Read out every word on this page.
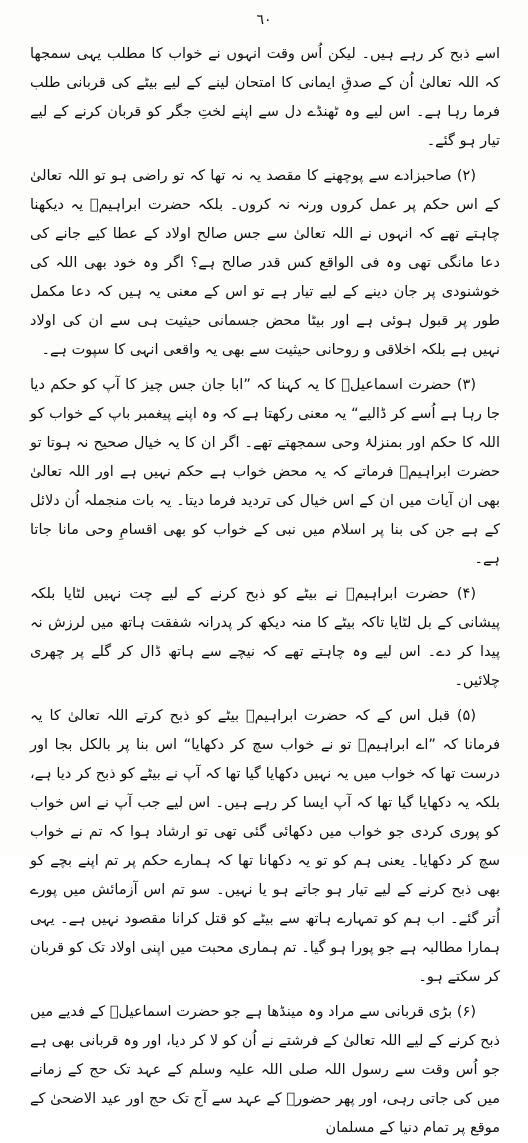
٦٠

اسے ذبح کر رہے ہیں۔ لیکن اُس وقت انہوں نے خواب کا مطلب یہی سمجھا کہ اللہ تعالیٰ اُن کے صدقِ ایمانی کا امتحان لینے کے لیے بیٹے کی قربانی طلب فرما رہا ہے۔ اس لیے وہ ٹھنڈے دل سے اپنے لختِ جگر کو قربان کرنے کے لیے تیار ہو گئے۔

(۲) صاحبزادے سے پوچھنے کا مقصد یہ نہ تھا کہ تو راضی ہو تو اللہ تعالیٰ کے اس حکم پر عمل کروں ورنہ نہ کروں۔ بلکہ حضرت ابراہیمؑ یہ دیکھنا چاہتے تھے کہ انہوں نے اللہ تعالیٰ سے جس صالح اولاد کے عطا کیے جانے کی دعا مانگی تھی وہ فی الواقع کس قدر صالح ہے؟ اگر وہ خود بھی اللہ کی خوشنودی پر جان دینے کے لیے تیار ہے تو اس کے معنی یہ ہیں کہ دعا مکمل طور پر قبول ہوئی ہے اور بیٹا محض جسمانی حیثیت ہی سے ان کی اولاد نہیں ہے بلکہ اخلاقی و روحانی حیثیت سے بھی یہ واقعی انہی کا سپوت ہے۔

(۳) حضرت اسماعیلؑ کا یہ کہنا کہ ”ابا جان جس چیز کا آپ کو حکم دیا جا رہا ہے اُسے کر ڈالیے“ یہ معنی رکھتا ہے کہ وہ اپنے پیغمبر باپ کے خواب کو اللہ کا حکم اور بمنزلۂ وحی سمجھتے تھے۔ اگر ان کا یہ خیال صحیح نہ ہوتا تو حضرت ابراہیمؑ فرماتے کہ یہ محض خواب ہے حکم نہیں ہے اور اللہ تعالیٰ بھی ان آیات میں ان کے اس خیال کی تردید فرما دیتا۔ یہ بات منجملہ اُن دلائل کے ہے جن کی بنا پر اسلام میں نبی کے خواب کو بھی اقسامِ وحی مانا جاتا ہے۔

(۴) حضرت ابراہیمؑ نے بیٹے کو ذبح کرنے کے لیے چت نہیں لٹایا بلکہ پیشانی کے بل لٹایا تاکہ بیٹے کا منہ دیکھ کر پدرانہ شفقت ہاتھ میں لرزش نہ پیدا کر دے۔ اس لیے وہ چاہتے تھے کہ نیچے سے ہاتھ ڈال کر گلے پر چھری چلائیں۔

(۵) قبل اس کے کہ حضرت ابراہیمؑ بیٹے کو ذبح کرتے اللہ تعالیٰ کا یہ فرمانا کہ ”اے ابراہیمؑ تو نے خواب سچ کر دکھایا“ اس بنا پر بالکل بجا اور درست تھا کہ خواب میں یہ نہیں دکھایا گیا تھا کہ آپ نے بیٹے کو ذبح کر دیا ہے، بلکہ یہ دکھایا گیا تھا کہ آپ ایسا کر رہے ہیں۔ اس لیے جب آپ نے اس خواب کو پوری کردی جو خواب میں دکھائی گئی تھی تو ارشاد ہوا کہ تم نے خواب سچ کر دکھایا۔ یعنی ہم کو تو یہ دکھانا تھا کہ ہمارے حکم پر تم اپنے بچے کو بھی ذبح کرنے کے لیے تیار ہو جاتے ہو یا نہیں۔ سو تم اس آزمائش میں پورے اُتر گئے۔ اب ہم کو تمہارے ہاتھ سے بیٹے کو قتل کرانا مقصود نہیں ہے۔ یہی ہمارا مطالبہ ہے جو پورا ہو گیا۔ تم ہماری محبت میں اپنی اولاد تک کو قربان کر سکتے ہو۔

(۶) بڑی قربانی سے مراد وہ مینڈھا ہے جو حضرت اسماعیلؑ کے فدیے میں ذبح کرنے کے لیے اللہ تعالیٰ کے فرشتے نے اُن کو لا کر دیا، اور وہ قربانی بھی ہے جو اُس وقت سے رسول اللہ صلی اللہ علیہ وسلم کے عہد تک حج کے زمانے میں کی جاتی رہی، اور پھر حضورؐ کے عہد سے آج تک حج اور عید الاضحیٰ کے موقع پر تمام دنیا کے مسلمان
